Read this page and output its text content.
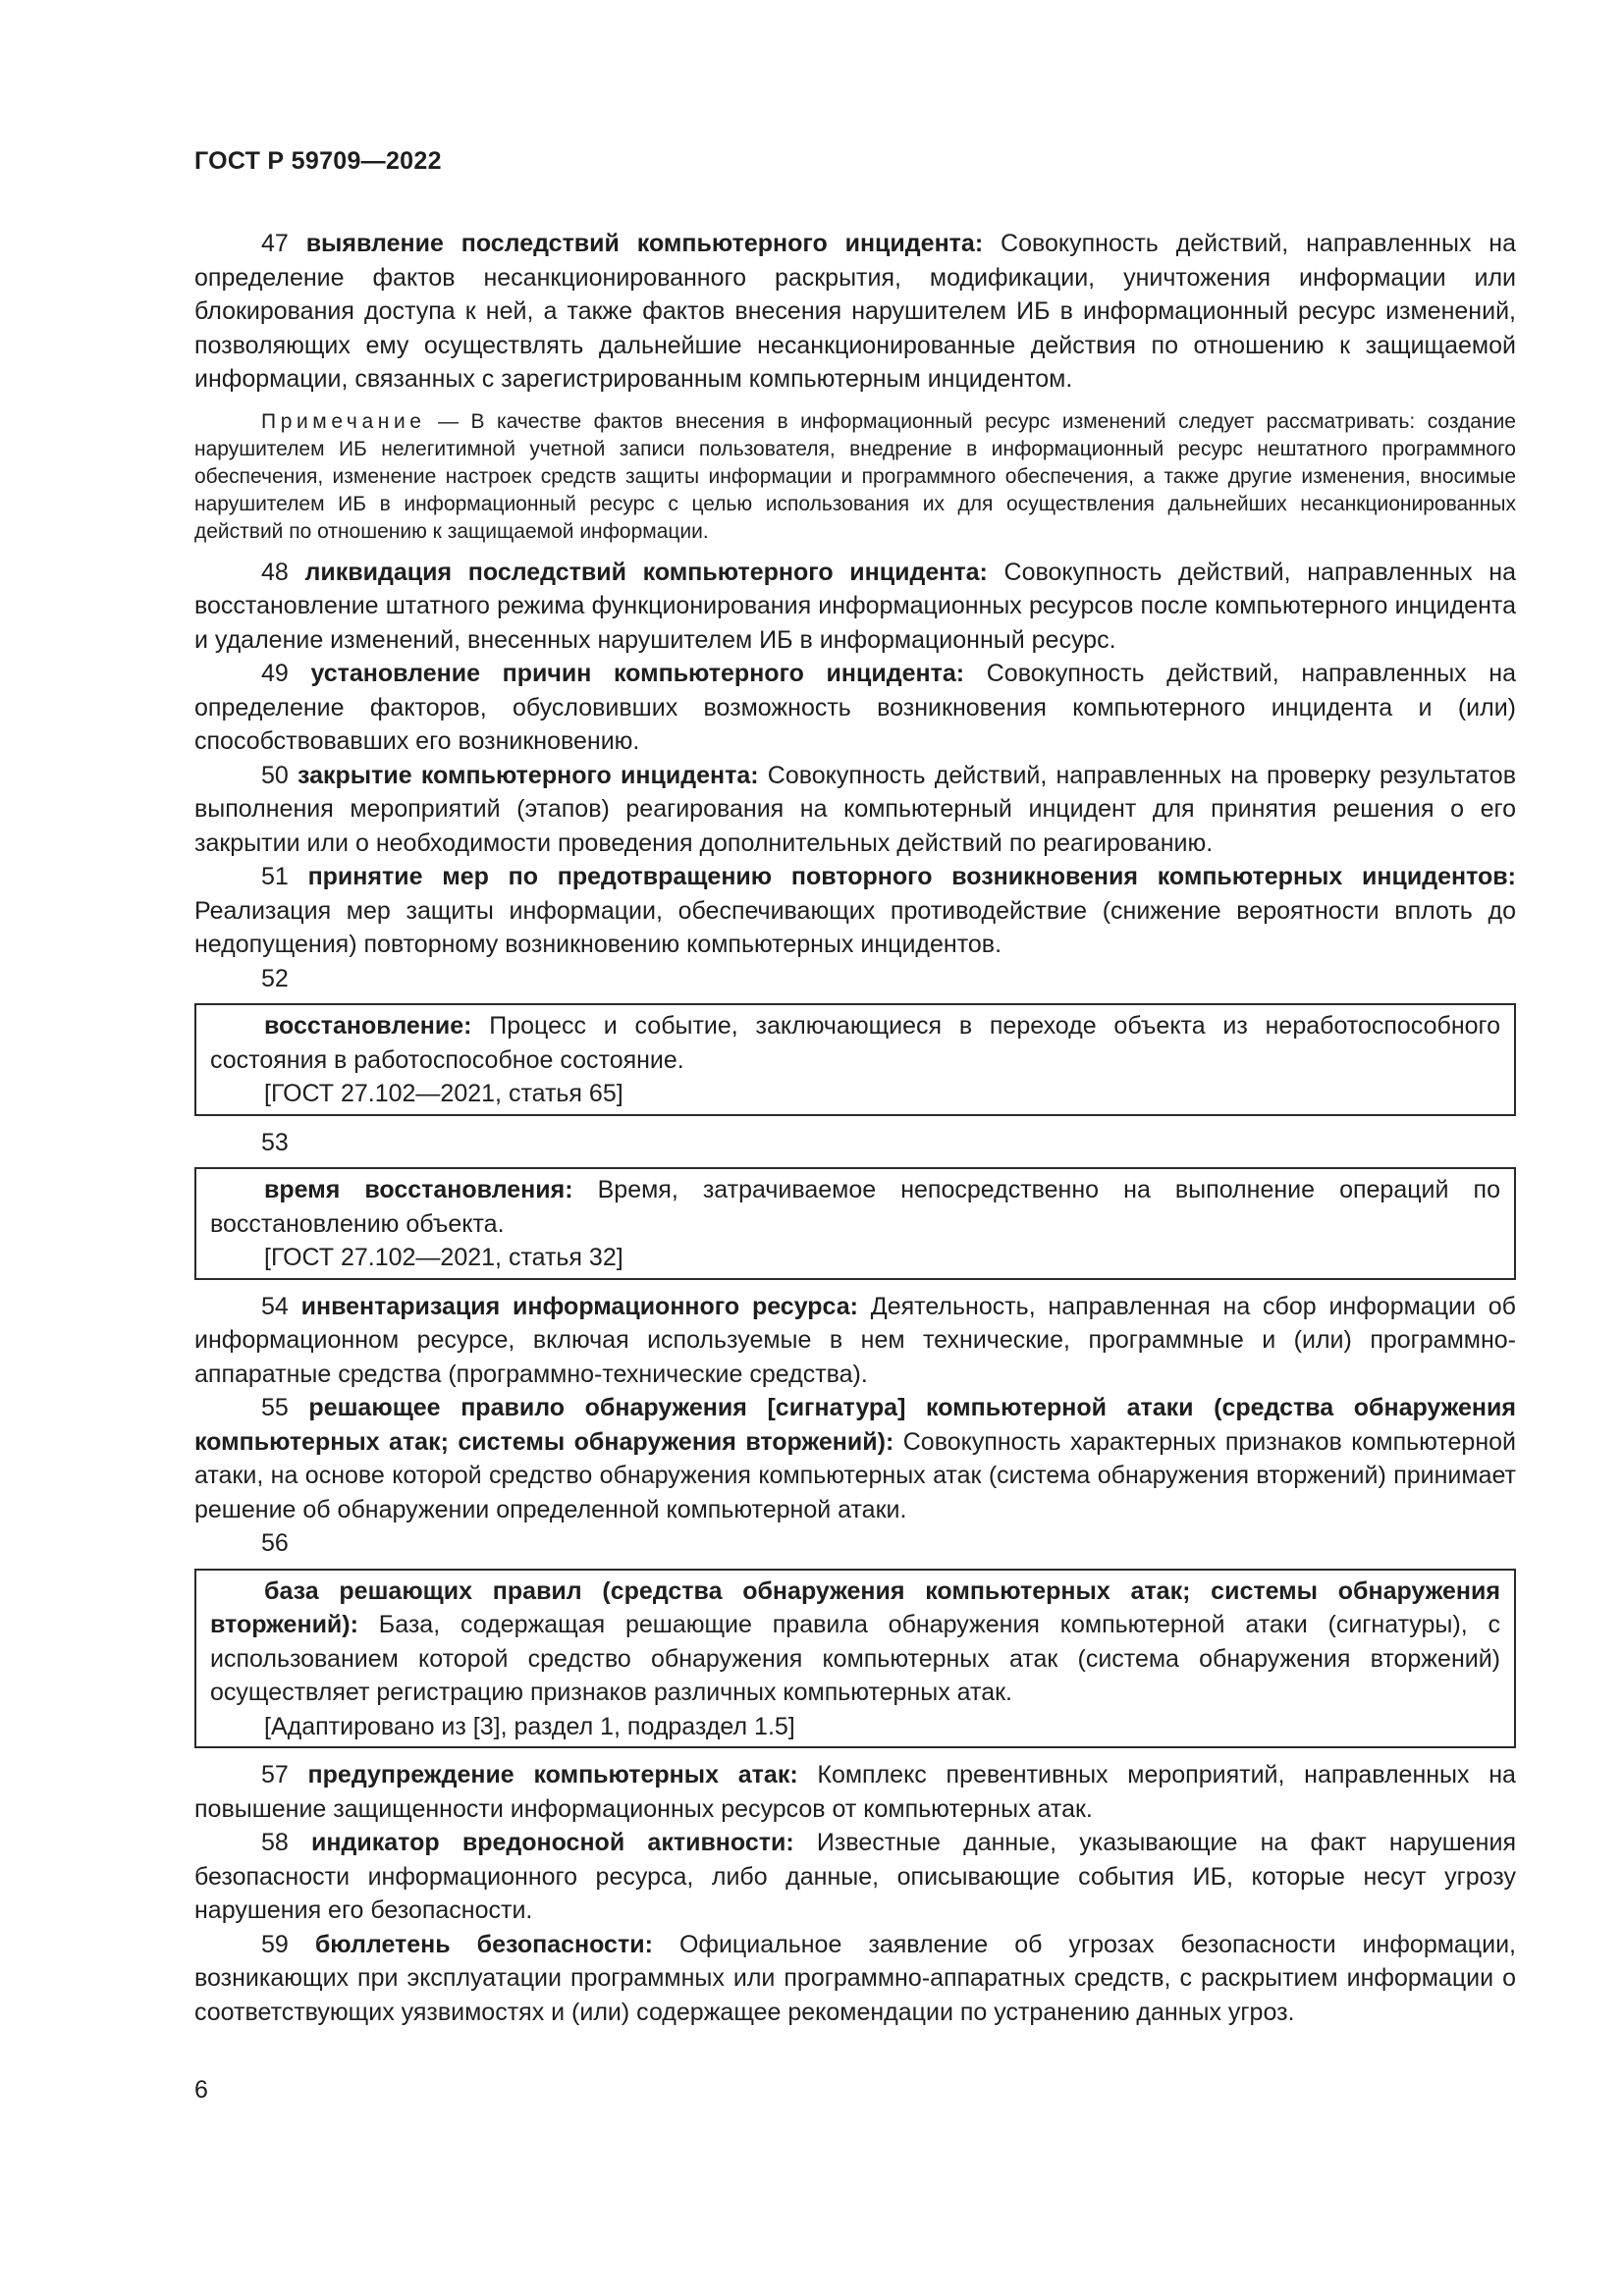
ГОСТ Р 59709—2022

47 выявление последствий компьютерного инцидента: Совокупность действий, направленных на определение фактов несанкционированного раскрытия, модификации, уничтожения информации или блокирования доступа к ней, а также фактов внесения нарушителем ИБ в информационный ресурс изменений, позволяющих ему осуществлять дальнейшие несанкционированные действия по отношению к защищаемой информации, связанных с зарегистрированным компьютерным инцидентом.

Примечание — В качестве фактов внесения в информационный ресурс изменений следует рассматривать: создание нарушителем ИБ нелегитимной учетной записи пользователя, внедрение в информационный ресурс нештатного программного обеспечения, изменение настроек средств защиты информации и программного обеспечения, а также другие изменения, вносимые нарушителем ИБ в информационный ресурс с целью использования их для осуществления дальнейших несанкционированных действий по отношению к защищаемой информации.

48 ликвидация последствий компьютерного инцидента: Совокупность действий, направленных на восстановление штатного режима функционирования информационных ресурсов после компьютерного инцидента и удаление изменений, внесенных нарушителем ИБ в информационный ресурс.

49 установление причин компьютерного инцидента: Совокупность действий, направленных на определение факторов, обусловивших возможность возникновения компьютерного инцидента и (или) способствовавших его возникновению.

50 закрытие компьютерного инцидента: Совокупность действий, направленных на проверку результатов выполнения мероприятий (этапов) реагирования на компьютерный инцидент для принятия решения о его закрытии или о необходимости проведения дополнительных действий по реагированию.

51 принятие мер по предотвращению повторного возникновения компьютерных инцидентов: Реализация мер защиты информации, обеспечивающих противодействие (снижение вероятности вплоть до недопущения) повторному возникновению компьютерных инцидентов.

52

восстановление: Процесс и событие, заключающиеся в переходе объекта из неработоспособного состояния в работоспособное состояние.

[ГОСТ 27.102—2021, статья 65]

53

время восстановления: Время, затрачиваемое непосредственно на выполнение операций по восстановлению объекта.

[ГОСТ 27.102—2021, статья 32]

54 инвентаризация информационного ресурса: Деятельность, направленная на сбор информации об информационном ресурсе, включая используемые в нем технические, программные и (или) программно-аппаратные средства (программно-технические средства).

55 решающее правило обнаружения [сигнатура] компьютерной атаки (средства обнаружения компьютерных атак; системы обнаружения вторжений): Совокупность характерных признаков компьютерной атаки, на основе которой средство обнаружения компьютерных атак (система обнаружения вторжений) принимает решение об обнаружении определенной компьютерной атаки.

56

база решающих правил (средства обнаружения компьютерных атак; системы обнаружения вторжений): База, содержащая решающие правила обнаружения компьютерной атаки (сигнатуры), с использованием которой средство обнаружения компьютерных атак (система обнаружения вторжений) осуществляет регистрацию признаков различных компьютерных атак.

[Адаптировано из [3], раздел 1, подраздел 1.5]

57 предупреждение компьютерных атак: Комплекс превентивных мероприятий, направленных на повышение защищенности информационных ресурсов от компьютерных атак.

58 индикатор вредоносной активности: Известные данные, указывающие на факт нарушения безопасности информационного ресурса, либо данные, описывающие события ИБ, которые несут угрозу нарушения его безопасности.

59 бюллетень безопасности: Официальное заявление об угрозах безопасности информации, возникающих при эксплуатации программных или программно-аппаратных средств, с раскрытием информации о соответствующих уязвимостях и (или) содержащее рекомендации по устранению данных угроз.

6
